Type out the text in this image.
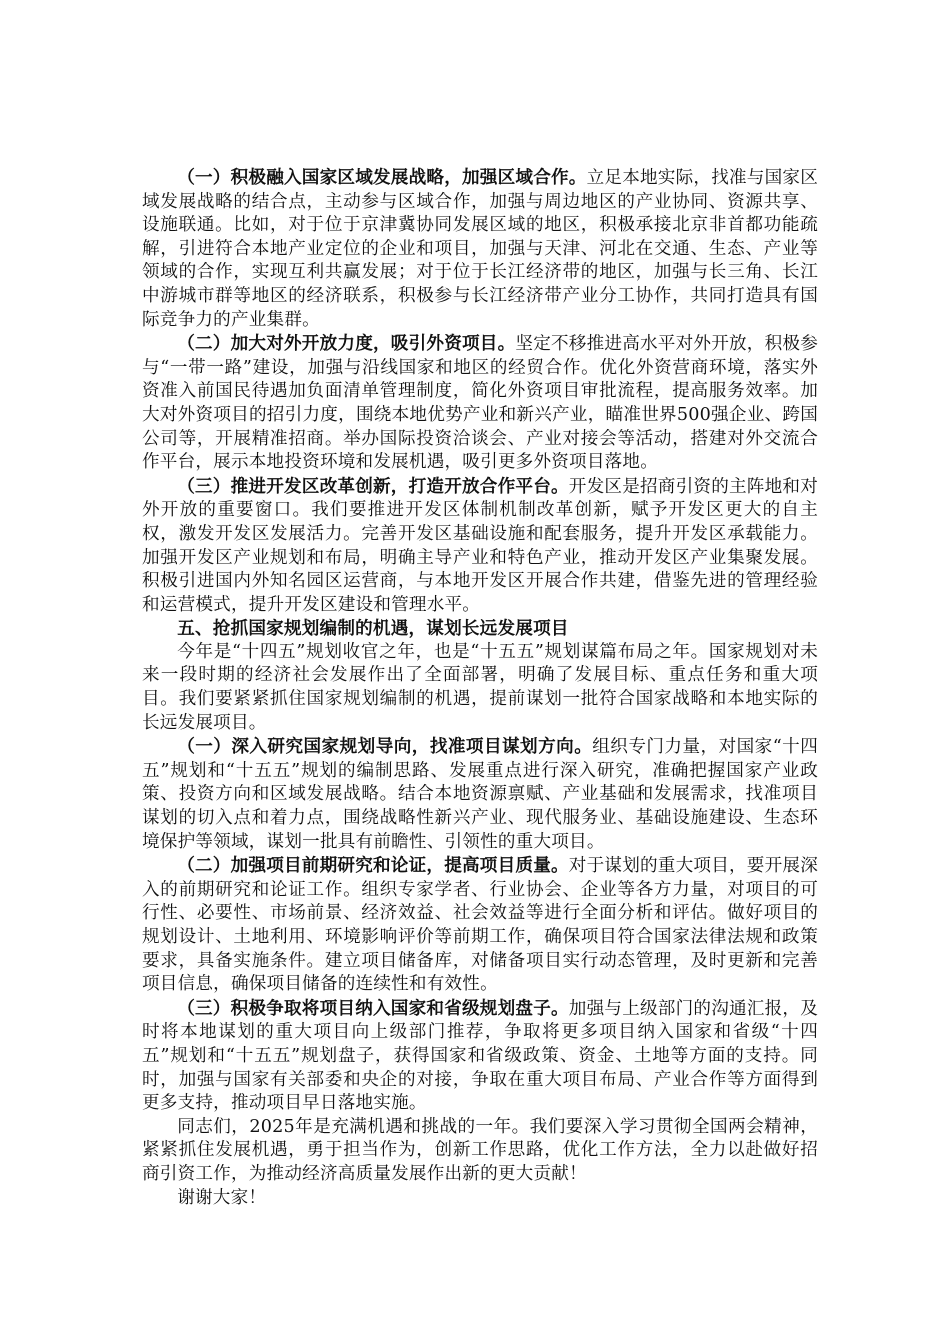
（一）积极融入国家区域发展战略，加强区域合作。立足本地实际，找准与国家区域发展战略的结合点，主动参与区域合作，加强与周边地区的产业协同、资源共享、设施联通。比如，对于位于京津冀协同发展区域的地区，积极承接北京非首都功能疏解，引进符合本地产业定位的企业和项目，加强与天津、河北在交通、生态、产业等领域的合作，实现互利共赢发展；对于位于长江经济带的地区，加强与长三角、长江中游城市群等地区的经济联系，积极参与长江经济带产业分工协作，共同打造具有国际竞争力的产业集群。

（二）加大对外开放力度，吸引外资项目。坚定不移推进高水平对外开放，积极参与“一带一路”建设，加强与沿线国家和地区的经贸合作。优化外资营商环境，落实外资准入前国民待遇加负面清单管理制度，简化外资项目审批流程，提高服务效率。加大对外资项目的招引力度，围绕本地优势产业和新兴产业，瞄准世界500强企业、跨国公司等，开展精准招商。举办国际投资洽谈会、产业对接会等活动，搭建对外交流合作平台，展示本地投资环境和发展机遇，吸引更多外资项目落地。

（三）推进开发区改革创新，打造开放合作平台。开发区是招商引资的主阵地和对外开放的重要窗口。我们要推进开发区体制机制改革创新，赋予开发区更大的自主权，激发开发区发展活力。完善开发区基础设施和配套服务，提升开发区承载能力。加强开发区产业规划和布局，明确主导产业和特色产业，推动开发区产业集聚发展。积极引进国内外知名园区运营商，与本地开发区开展合作共建，借鉴先进的管理经验和运营模式，提升开发区建设和管理水平。

五、抢抓国家规划编制的机遇，谋划长远发展项目

今年是“十四五”规划收官之年，也是“十五五”规划谋篇布局之年。国家规划对未来一段时期的经济社会发展作出了全面部署，明确了发展目标、重点任务和重大项目。我们要紧紧抓住国家规划编制的机遇，提前谋划一批符合国家战略和本地实际的长远发展项目。

（一）深入研究国家规划导向，找准项目谋划方向。组织专门力量，对国家“十四五”规划和“十五五”规划的编制思路、发展重点进行深入研究，准确把握国家产业政策、投资方向和区域发展战略。结合本地资源禀赋、产业基础和发展需求，找准项目谋划的切入点和着力点，围绕战略性新兴产业、现代服务业、基础设施建设、生态环境保护等领域，谋划一批具有前瞻性、引领性的重大项目。

（二）加强项目前期研究和论证，提高项目质量。对于谋划的重大项目，要开展深入的前期研究和论证工作。组织专家学者、行业协会、企业等各方力量，对项目的可行性、必要性、市场前景、经济效益、社会效益等进行全面分析和评估。做好项目的规划设计、土地利用、环境影响评价等前期工作，确保项目符合国家法律法规和政策要求，具备实施条件。建立项目储备库，对储备项目实行动态管理，及时更新和完善项目信息，确保项目储备的连续性和有效性。

（三）积极争取将项目纳入国家和省级规划盘子。加强与上级部门的沟通汇报，及时将本地谋划的重大项目向上级部门推荐，争取将更多项目纳入国家和省级“十四五”规划和“十五五”规划盘子，获得国家和省级政策、资金、土地等方面的支持。同时，加强与国家有关部委和央企的对接，争取在重大项目布局、产业合作等方面得到更多支持，推动项目早日落地实施。

同志们，2025年是充满机遇和挑战的一年。我们要深入学习贯彻全国两会精神，紧紧抓住发展机遇，勇于担当作为，创新工作思路，优化工作方法，全力以赴做好招商引资工作，为推动经济高质量发展作出新的更大贡献！

谢谢大家！
